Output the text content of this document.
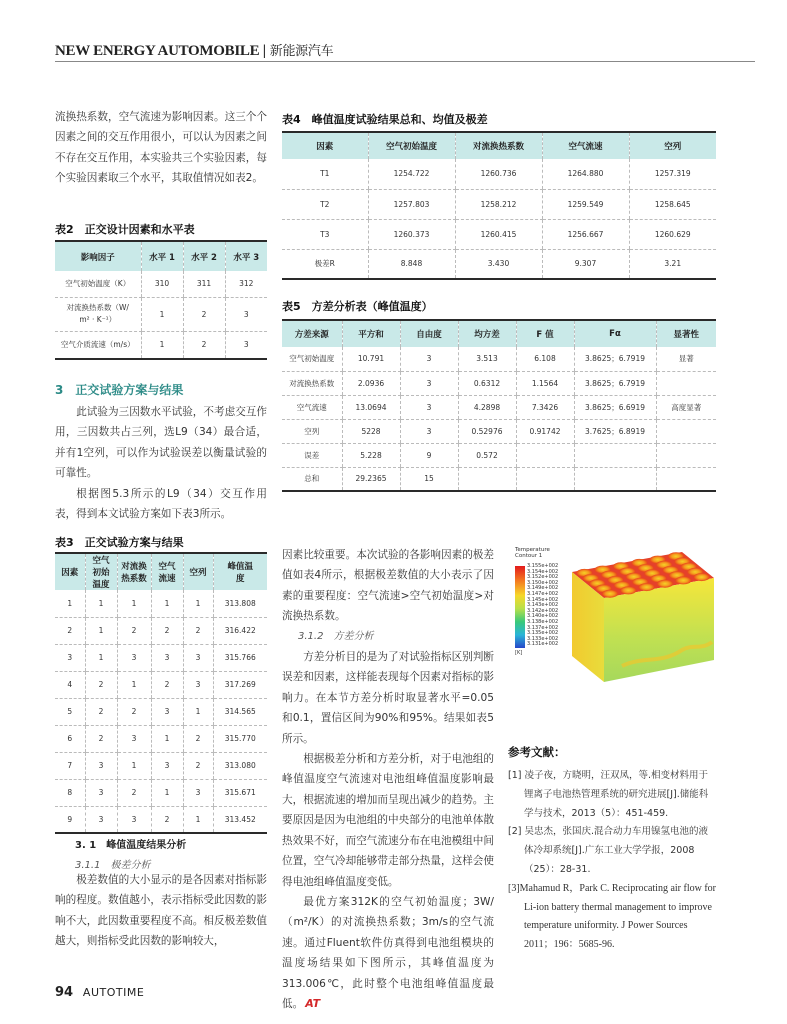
NEW ENERGY AUTOMOBILE | 新能源汽车

流换热系数，空气流速为影响因素。这三个个因素之间的交互作用很小，可以认为因素之间不存在交互作用，本实验共三个实验因素，每个实验因素取三个水平，其取值情况如表2。

表2　正交设计因素和水平表
影响因子	水平 1	水平 2	水平 3
空气初始温度（K）	310	311	312
对流换热系数（W/ m² · K⁻¹）	1	2	3
空气介质流速（m/s）	1	2	3
3　正交试验方案与结果

此试验为三因数水平试验，不考虑交互作用，三因数共占三列，选L9（34）最合适，并有1空列，可以作为试验误差以衡量试验的可靠性。

根据图5.3所示的L9（34）交互作用表，得到本文试验方案如下表3所示。

表3　正交试验方案与结果
因素	空气初始温度	对流换热系数	空气流速	空列	峰值温度
1	1	1	1	1	313.808
2	1	2	2	2	316.422
3	1	3	3	3	315.766
4	2	1	2	3	317.269
5	2	2	3	1	314.565
6	2	3	1	2	315.770
7	3	1	3	2	313.080
8	3	2	1	3	315.671
9	3	3	2	1	313.452
3. 1　峰值温度结果分析
3.1.1　极差分析

极差数值的大小显示的是各因素对指标影响的程度。数值越小，表示指标受此因数的影响不大，此因数重要程度不高。相反极差数值越大，则指标受此因数的影响较大，

表4　峰值温度试验结果总和、均值及极差
因素	空气初始温度	对流换热系数	空气流速	空列
T1	1254.722	1260.736	1264.880	1257.319
T2	1257.803	1258.212	1259.549	1258.645
T3	1260.373	1260.415	1256.667	1260.629
极差R	8.848	3.430	9.307	3.21
表5　方差分析表（峰值温度）
方差来源	平方和	自由度	均方差	F 值	Fα	显著性
空气初始温度	10.791	3	3.513	6.108	3.8625；6.7919	显著
对流换热系数	2.0936	3	0.6312	1.1564	3.8625；6.7919	
空气流速	13.0694	3	4.2898	7.3426	3.8625；6.6919	高度显著
空列	5228	3	0.52976	0.91742	3.7625；6.8919	
误差	5.228	9	0.572			
总和	29.2365	15				

因素比较重要。本次试验的各影响因素的极差值如表4所示，根据极差数值的大小表示了因素的重要程度：空气流速>空气初始温度>对流换热系数。

3.1.2　方差分析

方差分析目的是为了对试验指标区别判断误差和因素，这样能表现每个因素对指标的影响力。在本节方差分析时取显著水平=0.05和0.1，置信区间为90%和95%。结果如表5所示。

根据极差分析和方差分析，对于电池组的峰值温度空气流速对电池组峰值温度影响最大，根据流速的增加而呈现出减少的趋势。主要原因是因为电池组的中央部分的电池单体散热效果不好，而空气流速分布在电池模组中间位置，空气冷却能够带走部分热量，这样会使得电池组峰值温度变低。

最优方案312K的空气初始温度；3W/（m²/K）的对流换热系数；3m/s的空气流速。通过Fluent软件仿真得到电池组模块的温度场结果如下图所示，其峰值温度为313.006℃，此时整个电池组峰值温度最低。 AT

Temperature
Contour 1
3.155e+002
3.154e+002
3.152e+002
3.150e+002
3.149e+002
3.147e+002
3.145e+002
3.143e+002
3.142e+002
3.140e+002
3.138e+002
3.137e+002
3.135e+002
3.133e+002
3.131e+002
[K]
参考文献：

[1] 凌子夜，方晓明，汪双凤，等.相变材料用于锂离子电池热管理系统的研究进展[J].储能科学与技术，2013（5）：451-459.

[2] 吴忠杰，张国庆.混合动力车用镍氢电池的液体冷却系统[J].广东工业大学学报，2008（25）：28-31.

[3]Mahamud R，Park C. Reciprocating air flow for Li-ion battery thermal management to improve temperature uniformity. J Power Sources 2011；196：5685-96.

94 AUTOTIME
